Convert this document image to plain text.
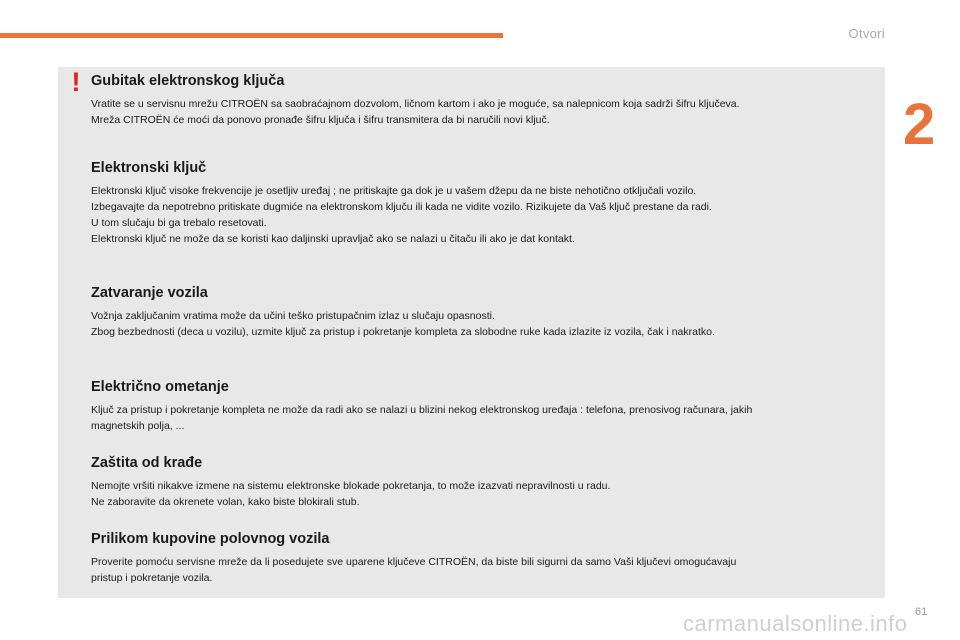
Otvori
2
! Gubitak elektronskog ključa

Vratite se u servisnu mrežu CITROËN sa saobraćajnom dozvolom, ličnom kartom i ako je moguće, sa nalepnicom koja sadrži šifru ključeva.
Mreža CITROËN će moći da ponovo pronađe šifru ključa i šifru transmitera da bi naručili novi ključ.

Elektronski ključ

Elektronski ključ visoke frekvencije je osetljiv uređaj ; ne pritiskajte ga dok je u vašem džepu da ne biste nehotično otključali vozilo.
Izbegavajte da nepotrebno pritiskate dugmiće na elektronskom ključu ili kada ne vidite vozilo. Rizikujete da Vaš ključ prestane da radi.
U tom slučaju bi ga trebalo resetovati.
Elektronski ključ ne može da se koristi kao daljinski upravljač ako se nalazi u čitaču ili ako je dat kontakt.

Zatvaranje vozila

Vožnja zaključanim vratima može da učini teško pristupačnim izlaz u slučaju opasnosti.
Zbog bezbednosti (deca u vozilu), uzmite ključ za pristup i pokretanje kompleta za slobodne ruke kada izlazite iz vozila, čak i nakratko.

Električno ometanje

Ključ za pristup i pokretanje kompleta ne može da radi ako se nalazi u blizini nekog elektronskog uređaja : telefona, prenosivog računara, jakih
magnetskih polja, ...

Zaštita od krađe

Nemojte vršiti nikakve izmene na sistemu elektronske blokade pokretanja, to može izazvati nepravilnosti u radu.
Ne zaboravite da okrenete volan, kako biste blokirali stub.

Prilikom kupovine polovnog vozila

Proverite pomoću servisne mreže da li posedujete sve uparene ključeve CITROËN, da biste bili sigurni da samo Vaši ključevi omogućavaju
pristup i pokretanje vozila.

61
carmanualsonline.info
